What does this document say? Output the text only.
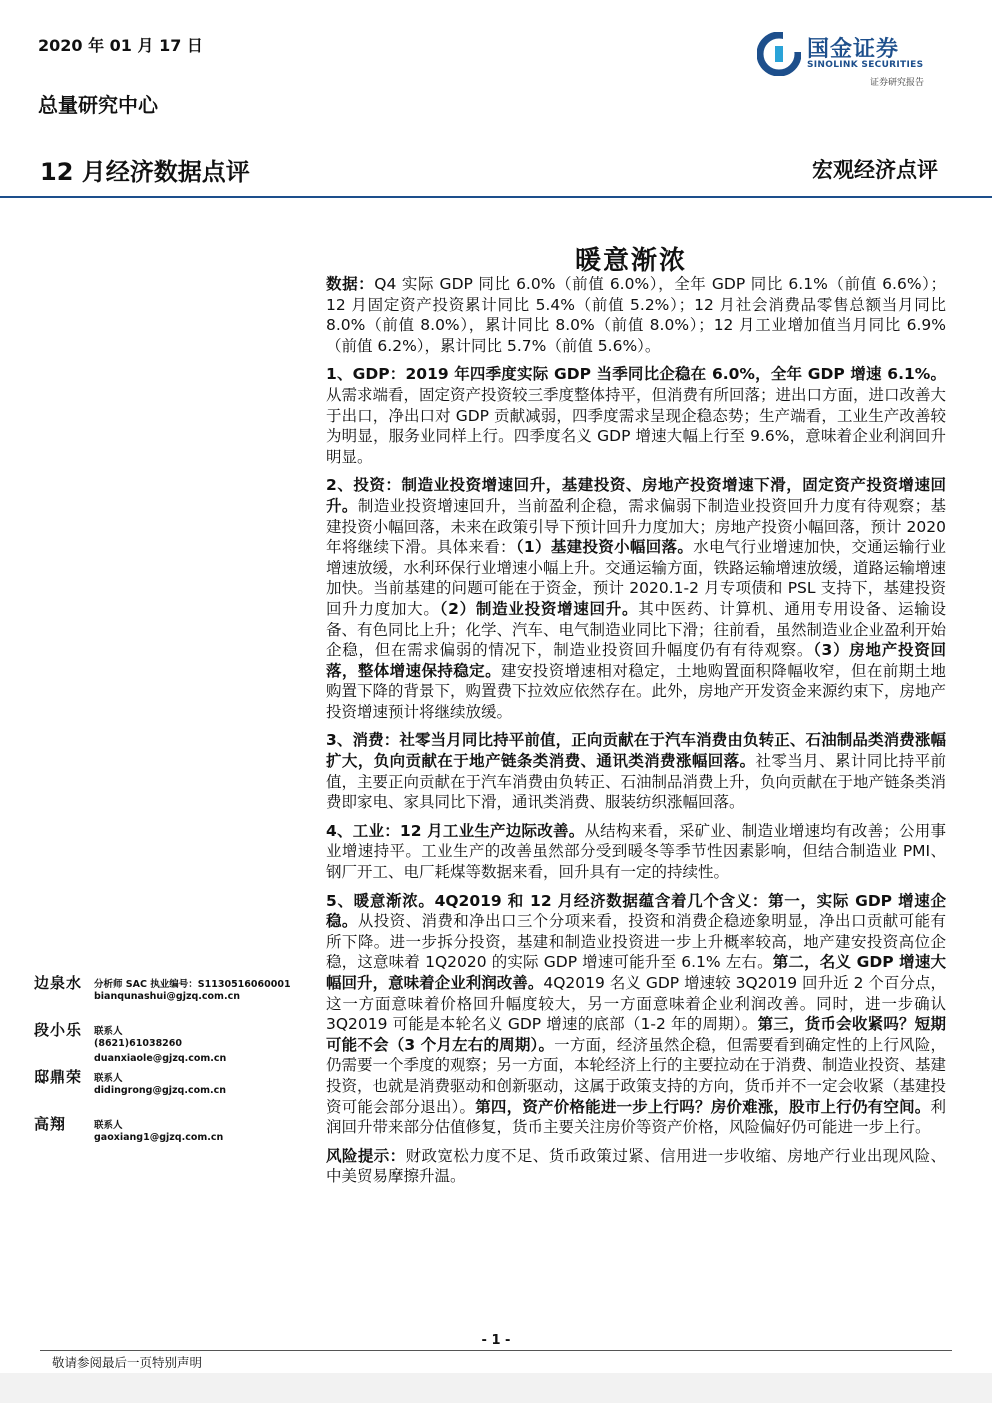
2020 年 01 月 17 日	国金证券
SINOLINK SECURITIES
证券研究报告
总量研究中心
12 月经济数据点评	宏观经济点评
暖意渐浓

数据：Q4 实际 GDP 同比 6.0%（前值 6.0%），全年 GDP 同比 6.1%（前值 6.6%）；12 月固定资产投资累计同比 5.4%（前值 5.2%）；12 月社会消费品零售总额当月同比 8.0%（前值 8.0%），累计同比 8.0%（前值 8.0%）；12 月工业增加值当月同比 6.9%（前值 6.2%），累计同比 5.7%（前值 5.6%）。

1、GDP：2019 年四季度实际 GDP 当季同比企稳在 6.0%，全年 GDP 增速 6.1%。从需求端看，固定资产投资较三季度整体持平，但消费有所回落；进出口方面，进口改善大于出口，净出口对 GDP 贡献减弱，四季度需求呈现企稳态势；生产端看，工业生产改善较为明显，服务业同样上行。四季度名义 GDP 增速大幅上行至 9.6%，意味着企业利润回升明显。

2、投资：制造业投资增速回升，基建投资、房地产投资增速下滑，固定资产投资增速回升。制造业投资增速回升，当前盈利企稳，需求偏弱下制造业投资回升力度有待观察；基建投资小幅回落，未来在政策引导下预计回升力度加大；房地产投资小幅回落，预计 2020 年将继续下滑。具体来看：（1）基建投资小幅回落。水电气行业增速加快，交通运输行业增速放缓，水利环保行业增速小幅上升。交通运输方面，铁路运输增速放缓，道路运输增速加快。当前基建的问题可能在于资金，预计 2020.1-2 月专项债和 PSL 支持下，基建投资回升力度加大。（2）制造业投资增速回升。其中医药、计算机、通用专用设备、运输设备、有色同比上升；化学、汽车、电气制造业同比下滑；往前看，虽然制造业企业盈利开始企稳，但在需求偏弱的情况下，制造业投资回升幅度仍有有待观察。（3）房地产投资回落，整体增速保持稳定。建安投资增速相对稳定，土地购置面积降幅收窄，但在前期土地购置下降的背景下，购置费下拉效应依然存在。此外，房地产开发资金来源约束下，房地产投资增速预计将继续放缓。

3、消费：社零当月同比持平前值，正向贡献在于汽车消费由负转正、石油制品类消费涨幅扩大，负向贡献在于地产链条类消费、通讯类消费涨幅回落。社零当月、累计同比持平前值，主要正向贡献在于汽车消费由负转正、石油制品消费上升，负向贡献在于地产链条类消费即家电、家具同比下滑，通讯类消费、服装纺织涨幅回落。

4、工业：12 月工业生产边际改善。从结构来看，采矿业、制造业增速均有改善；公用事业增速持平。工业生产的改善虽然部分受到暖冬等季节性因素影响，但结合制造业 PMI、钢厂开工、电厂耗煤等数据来看，回升具有一定的持续性。

5、暖意渐浓。4Q2019 和 12 月经济数据蕴含着几个含义：第一，实际 GDP 增速企稳。从投资、消费和净出口三个分项来看，投资和消费企稳迹象明显，净出口贡献可能有所下降。进一步拆分投资，基建和制造业投资进一步上升概率较高，地产建安投资高位企稳，这意味着 1Q2020 的实际 GDP 增速可能升至 6.1% 左右。第二，名义 GDP 增速大幅回升，意味着企业利润改善。4Q2019 名义 GDP 增速较 3Q2019 回升近 2 个百分点，这一方面意味着价格回升幅度较大，另一方面意味着企业利润改善。同时，进一步确认 3Q2019 可能是本轮名义 GDP 增速的底部（1-2 年的周期）。第三，货币会收紧吗？短期可能不会（3 个月左右的周期）。一方面，经济虽然企稳，但需要看到确定性的上行风险，仍需要一个季度的观察；另一方面，本轮经济上行的主要拉动在于消费、制造业投资、基建投资，也就是消费驱动和创新驱动，这属于政策支持的方向，货币并不一定会收紧（基建投资可能会部分退出）。第四，资产价格能进一步上行吗？房价难涨，股市上行仍有空间。利润回升带来部分估值修复，货币主要关注房价等资产价格，风险偏好仍可能进一步上行。

风险提示：财政宽松力度不足、货币政策过紧、信用进一步收缩、房地产行业出现风险、中美贸易摩擦升温。

边泉水 分析师 SAC 执业编号：S1130516060001
bianqunashui@gjzq.com.cn
段小乐 联系人
(8621)61038260
duanxiaole@gjzq.com.cn
邸鼎荣 联系人
didingrong@gjzq.com.cn
高翔	联系人
gaoxiang1@gjzq.com.cn
- 1 -
敬请参阅最后一页特别声明
